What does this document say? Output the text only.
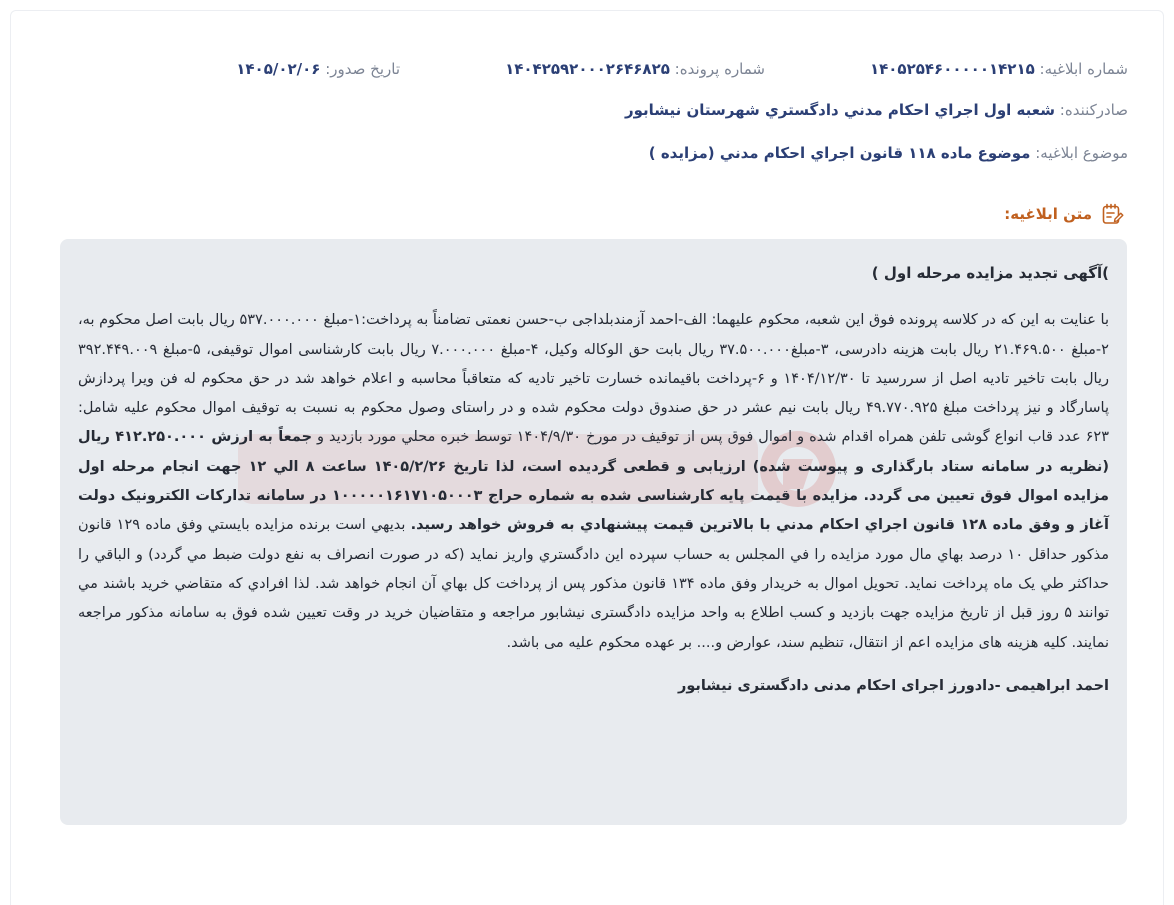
شماره ابلاغيه: ۱۴۰۵۲۵۴۶۰۰۰۰۰۱۴۲۱۵
شماره پرونده: ۱۴۰۴۲۵۹۲۰۰۰۲۶۴۶۸۲۵
تاريخ صدور: ۱۴۰۵/۰۲/۰۶
صادرکننده: شعبه اول اجراي احکام مدني دادگستري شهرستان نيشابور
موضوع ابلاغيه: موضوع ماده ۱۱۸ قانون اجراي احکام مدني (مزايده )
متن ابلاغيه:

)آگهی تجدید مزایده مرحله اول )

با عنايت به اين که در کلاسه پرونده فوق اين شعبه، محکوم عليهما: الف-احمد آزمندبلداجی ب-حسن نعمتی تضامناً به پرداخت:۱-مبلغ ۵۳۷.۰۰۰.۰۰۰ ريال بابت اصل محکوم به، ۲-مبلغ ۲۱.۴۶۹.۵۰۰ ريال بابت هزينه دادرسی، ۳-مبلغ۳۷.۵۰۰.۰۰۰ ريال بابت حق الوکاله وکيل، ۴-مبلغ ۷.۰۰۰.۰۰۰ ريال بابت کارشناسی اموال توقيفی، ۵-مبلغ ۳۹۲.۴۴۹.۰۰۹ ريال بابت تاخير تاديه اصل از سررسيد تا ۱۴۰۴/۱۲/۳۰ و ۶-پرداخت باقيمانده خسارت تاخير تاديه که متعاقباً محاسبه و اعلام خواهد شد در حق محکوم له فن ويرا پردازش پاسارگاد و نيز پرداخت مبلغ ۴۹.۷۷۰.۹۲۵ ريال بابت نيم عشر در حق صندوق دولت محکوم شده و در راستای وصول محکوم به نسبت به توقيف اموال محکوم عليه شامل: ۶۲۳ عدد قاب انواع گوشی تلفن همراه اقدام شده و اموال فوق پس از توقيف در مورخ ۱۴۰۴/۹/۳۰ توسط خبره محلي مورد بازديد و جمعاً به ارزش ۴۱۲.۲۵۰.۰۰۰ ريال (نظريه در سامانه ستاد بارگذاری و پيوست شده) ارزيابی و قطعی گرديده است، لذا تاريخ ۱۴۰۵/۲/۲۶ ساعت ۸ الي ۱۲ جهت انجام مرحله اول مزايده اموال فوق تعيين می گردد. مزايده با قيمت پايه کارشناسی شده به شماره حراج ۱۰۰۰۰۰۱۶۱۷۱۰۵۰۰۰۳ در سامانه تدارکات الکترونيک دولت آغاز و وفق ماده ۱۲۸ قانون اجراي احکام مدني با بالاترين قيمت پيشنهادي به فروش خواهد رسيد. بديهي است برنده مزايده بايستي وفق ماده ۱۲۹ قانون مذکور حداقل ۱۰ درصد بهاي مال مورد مزايده را في المجلس به حساب سپرده اين دادگستري واريز نمايد (که در صورت انصراف به نفع دولت ضبط مي گردد) و الباقي را حداکثر طي يک ماه پرداخت نمايد. تحويل اموال به خريدار وفق ماده ۱۳۴ قانون مذکور پس از پرداخت کل بهاي آن انجام خواهد شد. لذا افرادي که متقاضي خريد باشند مي توانند ۵ روز قبل از تاريخ مزايده جهت بازديد و کسب اطلاع به واحد مزايده دادگستری نيشابور مراجعه و متقاضيان خريد در وقت تعيين شده فوق به سامانه مذکور مراجعه نمايند. کليه هزينه های مزايده اعم از انتقال، تنظيم سند، عوارض و.... بر عهده محکوم عليه می باشد.

احمد ابراهیمی -دادورز اجرای احکام مدنی دادگستری نیشابور
